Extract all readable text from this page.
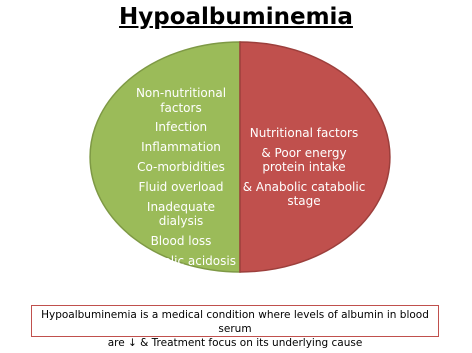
Hypoalbuminemia
Non-nutritional factors
Infection
Inflammation
Co-morbidities
Fluid overload
Inadequate dialysis
Blood loss
Metabolic acidosis
Nutritional factors
& Poor energy protein intake
& Anabolic catabolic stage
Hypoalbuminemia is a medical condition where levels of albumin in blood serum
are ↓ & Treatment focus on its underlying cause
